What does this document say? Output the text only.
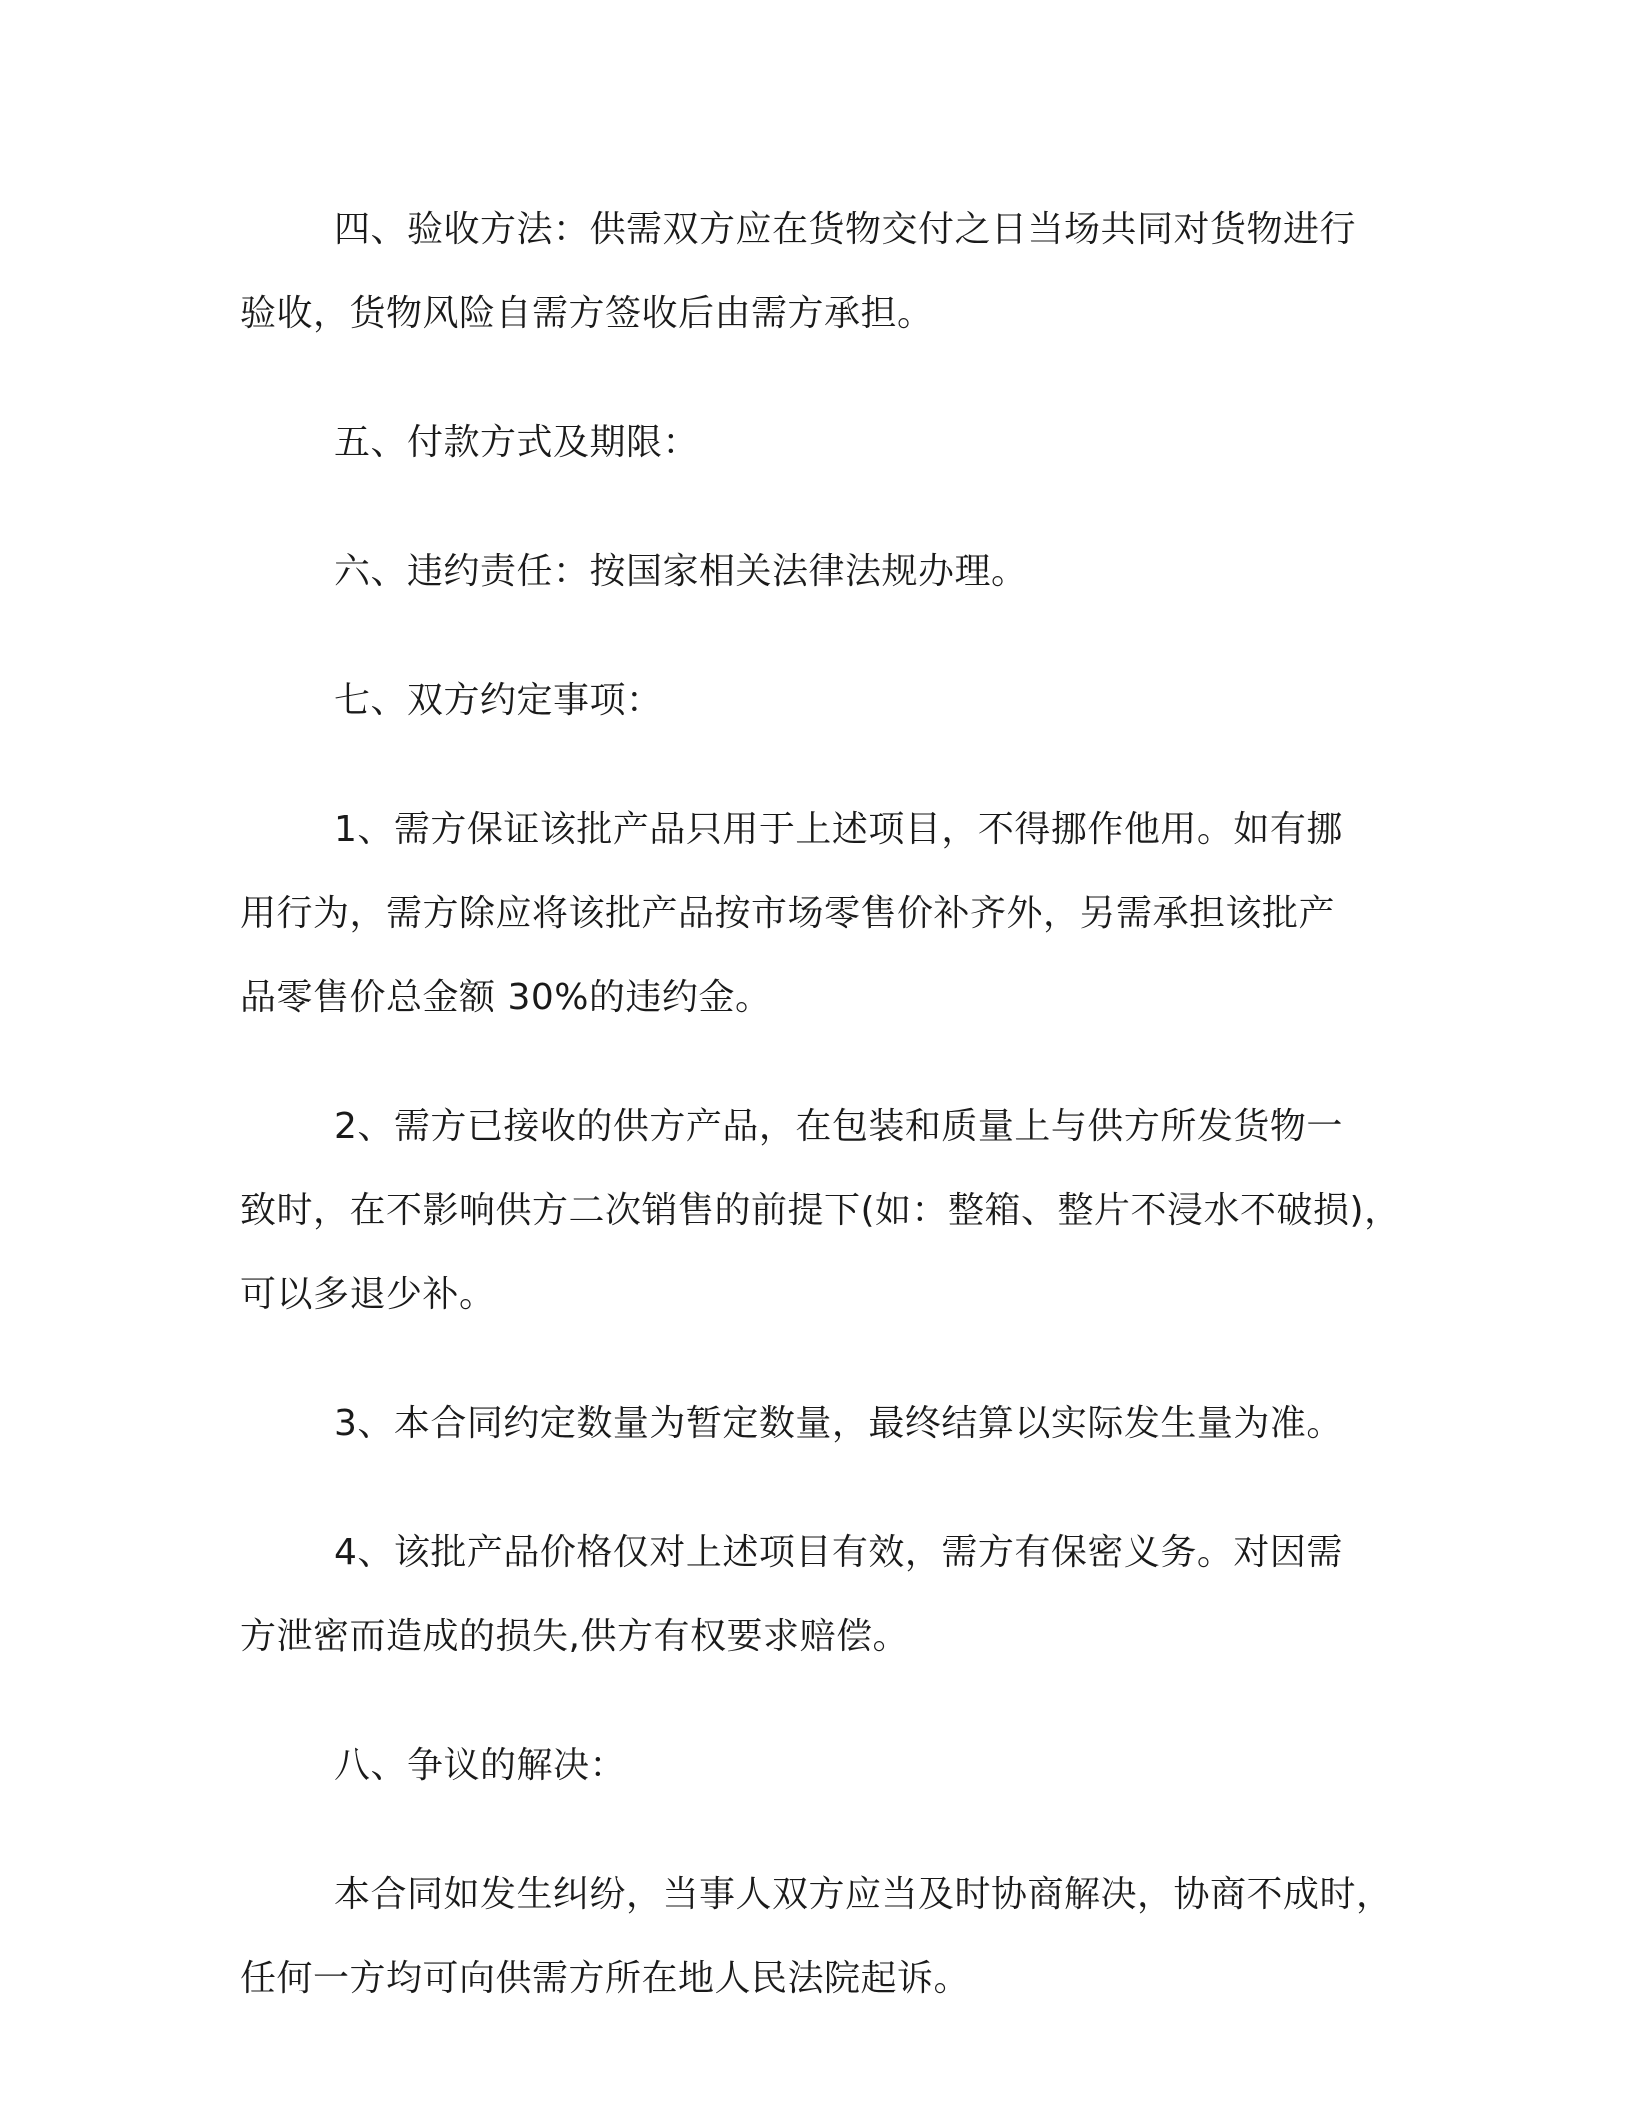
四、验收方法：供需双方应在货物交付之日当场共同对货物进行
验收，货物风险自需方签收后由需方承担。

五、付款方式及期限：

六、违约责任：按国家相关法律法规办理。

七、双方约定事项：

1、需方保证该批产品只用于上述项目，不得挪作他用。如有挪
用行为，需方除应将该批产品按市场零售价补齐外，另需承担该批产
品零售价总金额 30%的违约金。

2、需方已接收的供方产品，在包装和质量上与供方所发货物一
致时，在不影响供方二次销售的前提下(如：整箱、整片不浸水不破损)，
可以多退少补。

3、本合同约定数量为暂定数量，最终结算以实际发生量为准。

4、该批产品价格仅对上述项目有效，需方有保密义务。对因需
方泄密而造成的损失,供方有权要求赔偿。

八、争议的解决：

本合同如发生纠纷，当事人双方应当及时协商解决，协商不成时，
任何一方均可向供需方所在地人民法院起诉。
